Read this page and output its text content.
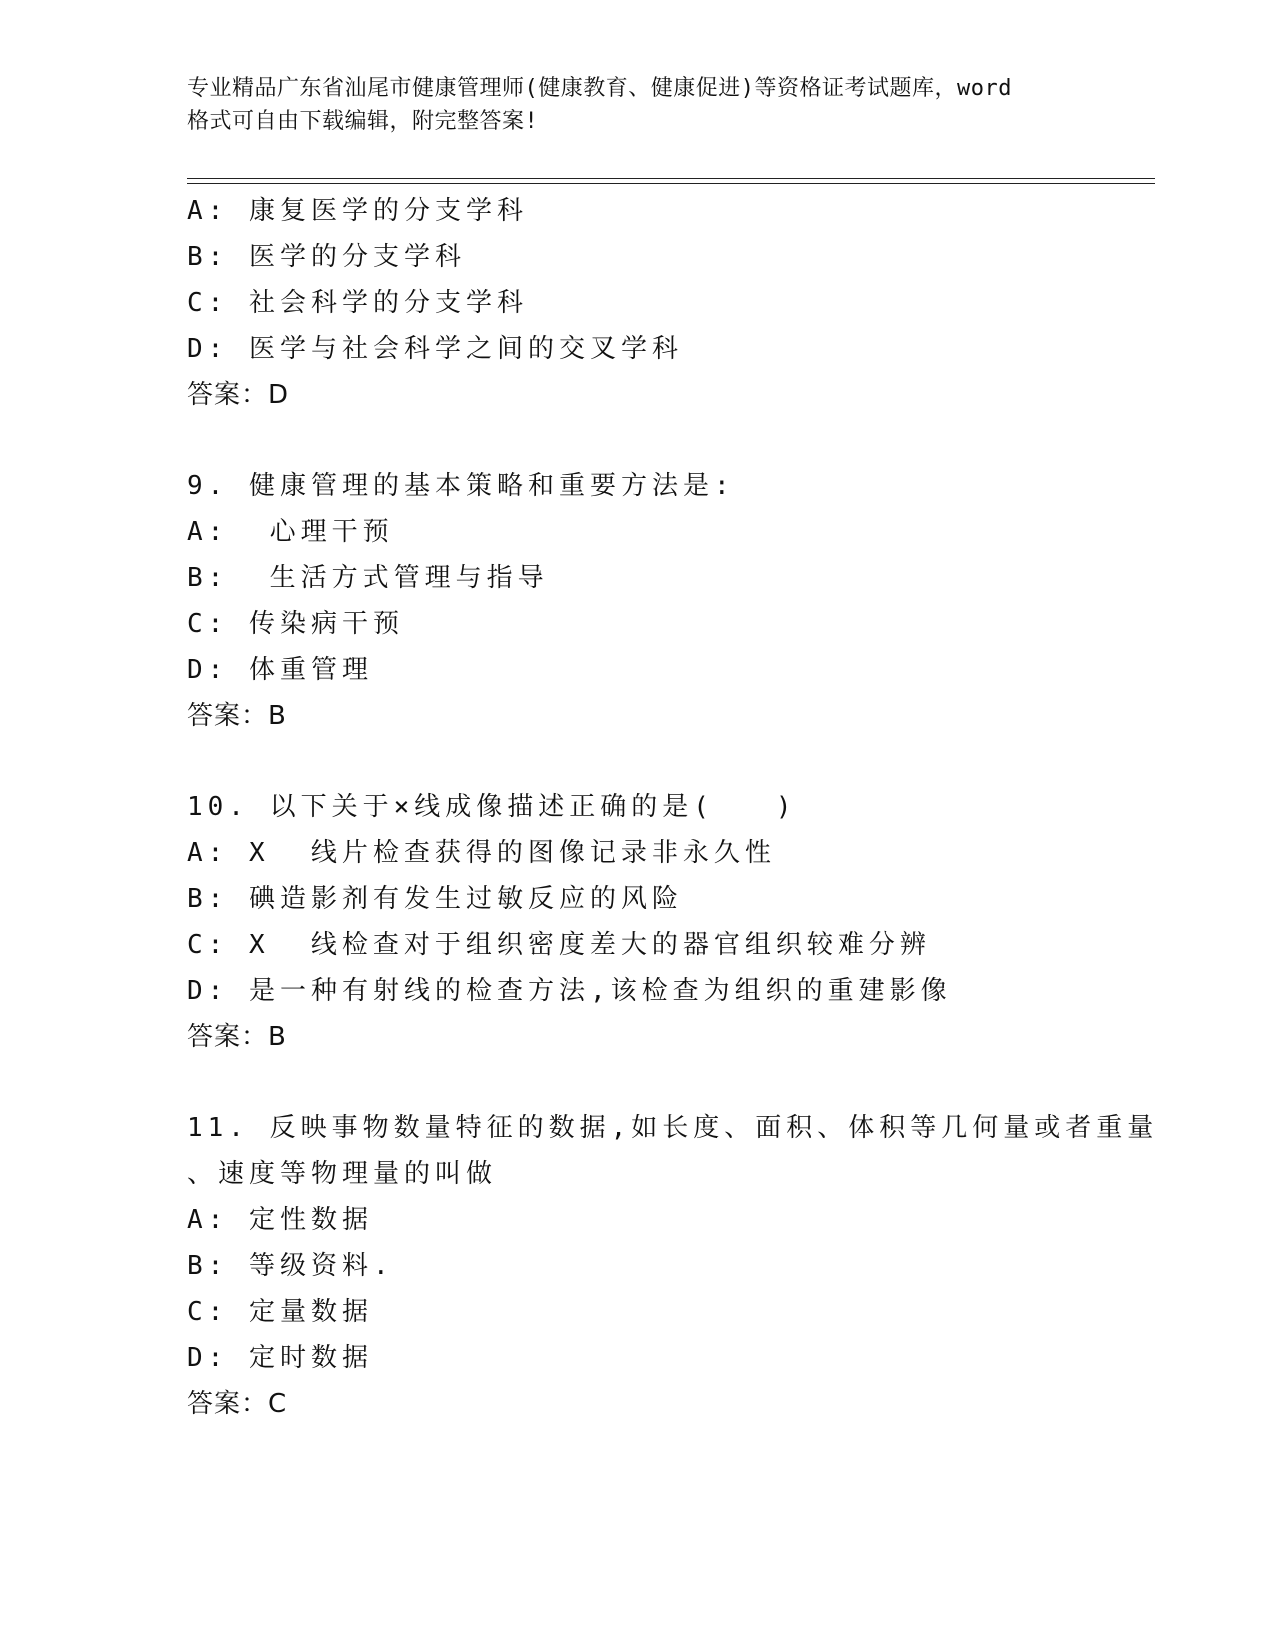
专业精品广东省汕尾市健康管理师(健康教育、健康促进)等资格证考试题库，word
格式可自由下载编辑，附完整答案!
A: 康复医学的分支学科
B: 医学的分支学科
C: 社会科学的分支学科
D: 医学与社会科学之间的交叉学科
答案：D
9. 健康管理的基本策略和重要方法是:
A:  心理干预
B:  生活方式管理与指导
C: 传染病干预
D: 体重管理
答案：B
10. 以下关于×线成像描述正确的是(   )
A: X  线片检查获得的图像记录非永久性
B: 碘造影剂有发生过敏反应的风险
C: X  线检查对于组织密度差大的器官组织较难分辨
D: 是一种有射线的检查方法,该检查为组织的重建影像
答案：B
11. 反映事物数量特征的数据,如长度、面积、体积等几何量或者重量
、速度等物理量的叫做
A: 定性数据
B: 等级资料.
C: 定量数据
D: 定时数据
答案：C
